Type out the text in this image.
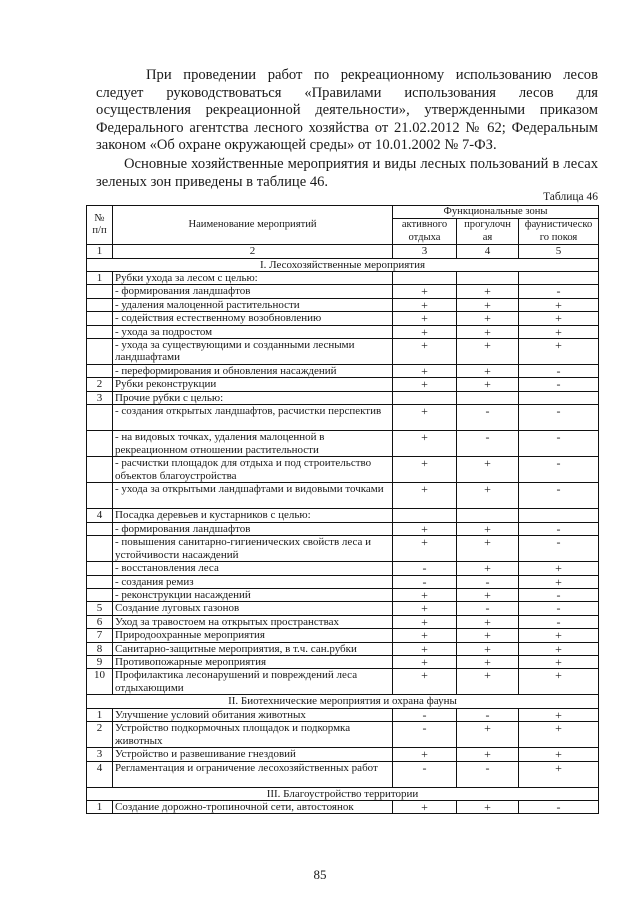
При проведении работ по рекреационному использованию лесов следует руководствоваться «Правилами использования лесов для осуществления рекреационной деятельности», утвержденными приказом Федерального агентства лесного хозяйства от 21.02.2012 № 62; Федеральным законом «Об охране окружающей среды» от 10.01.2002 № 7-ФЗ.

Основные хозяйственные мероприятия и виды лесных пользований в лесах зеленых зон приведены в таблице 46.

Таблица 46
№ п/п	Наименование мероприятий	Функциональные зоны		
		активного отдыха	прогулочн ая	фаунистическо го покоя
1	2	3	4	5
I. Лесохозяйственные мероприятия				
1	Рубки ухода за лесом с целью:			
	- формирования ландшафтов	+	+	-
	- удаления малоценной растительности	+	+	+
	- содействия естественному возобновлению	+	+	+
	- ухода за подростом	+	+	+
	- ухода за существующими и созданными лесными ландшафтами	+	+	+
	- переформирования и обновления насаждений	+	+	-
2	Рубки реконструкции	+	+	-
3	Прочие рубки с целью:			
	- создания открытых ландшафтов, расчистки перспектив	+	-	-
	- на видовых точках, удаления малоценной в рекреационном отношении растительности	+	-	-
	- расчистки площадок для отдыха и под строительство объектов благоустройства	+	+	-
	- ухода за открытыми ландшафтами и видовыми точками	+	+	-
4	Посадка деревьев и кустарников с целью:			
	- формирования ландшафтов	+	+	-
	- повышения санитарно-гигиенических свойств леса и устойчивости насаждений	+	+	-
	- восстановления леса	-	+	+
	- создания ремиз	-	-	+
	- реконструкции насаждений	+	+	-
5	Создание луговых газонов	+	-	-
6	Уход за травостоем на открытых пространствах	+	+	-
7	Природоохранные мероприятия	+	+	+
8	Санитарно-защитные мероприятия, в т.ч. сан.рубки	+	+	+
9	Противопожарные мероприятия	+	+	+
10	Профилактика лесонарушений и повреждений леса отдыхающими	+	+	+
II. Биотехнические мероприятия и охрана фауны				
1	Улучшение условий обитания животных	-	-	+
2	Устройство подкормочных площадок и подкормка животных	-	+	+
3	Устройство и развешивание гнездовий	+	+	+
4	Регламентация и ограничение лесохозяйственных работ	-	-	+
III. Благоустройство территории				
1	Создание дорожно-тропиночной сети, автостоянок	+	+	-
85
